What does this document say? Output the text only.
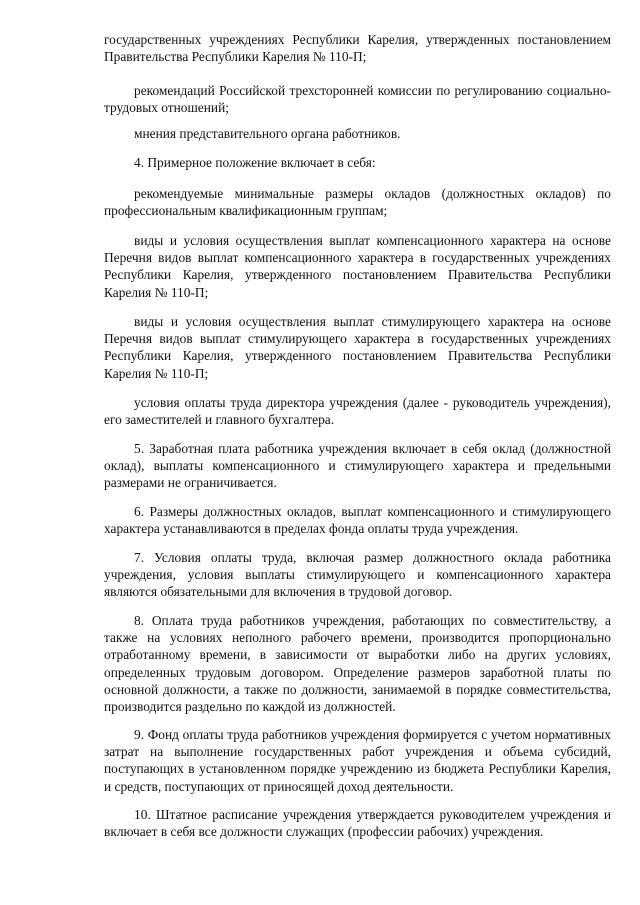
государственных учреждениях Республики Карелия, утвержденных постановлением Правительства Республики Карелия № 110-П;

рекомендаций Российской трехсторонней комиссии по регулированию социально-трудовых отношений;

мнения представительного органа работников.

4. Примерное положение включает в себя:

рекомендуемые минимальные размеры окладов (должностных окладов) по профессиональным квалификационным группам;

виды и условия осуществления выплат компенсационного характера на основе Перечня видов выплат компенсационного характера в государственных учреждениях Республики Карелия, утвержденного постановлением Правительства Республики Карелия № 110-П;

виды и условия осуществления выплат стимулирующего характера на основе Перечня видов выплат стимулирующего характера в государственных учреждениях Республики Карелия, утвержденного постановлением Правительства Республики Карелия № 110-П;

условия оплаты труда директора учреждения (далее - руководитель учреждения), его заместителей и главного бухгалтера.

5. Заработная плата работника учреждения включает в себя оклад (должностной оклад), выплаты компенсационного и стимулирующего характера и предельными размерами не ограничивается.

6. Размеры должностных окладов, выплат компенсационного и стимулирующего характера устанавливаются в пределах фонда оплаты труда учреждения.

7. Условия оплаты труда, включая размер должностного оклада работника учреждения, условия выплаты стимулирующего и компенсационного характера являются обязательными для включения в трудовой договор.

8. Оплата труда работников учреждения, работающих по совместительству, а также на условиях неполного рабочего времени, производится пропорционально отработанному времени, в зависимости от выработки либо на других условиях, определенных трудовым договором. Определение размеров заработной платы по основной должности, а также по должности, занимаемой в порядке совместительства, производится раздельно по каждой из должностей.

9. Фонд оплаты труда работников учреждения формируется с учетом нормативных затрат на выполнение государственных работ учреждения и объема субсидий, поступающих в установленном порядке учреждению из бюджета Республики Карелия, и средств, поступающих от приносящей доход деятельности.

10. Штатное расписание учреждения утверждается руководителем учреждения и включает в себя все должности служащих (профессии рабочих) учреждения.
